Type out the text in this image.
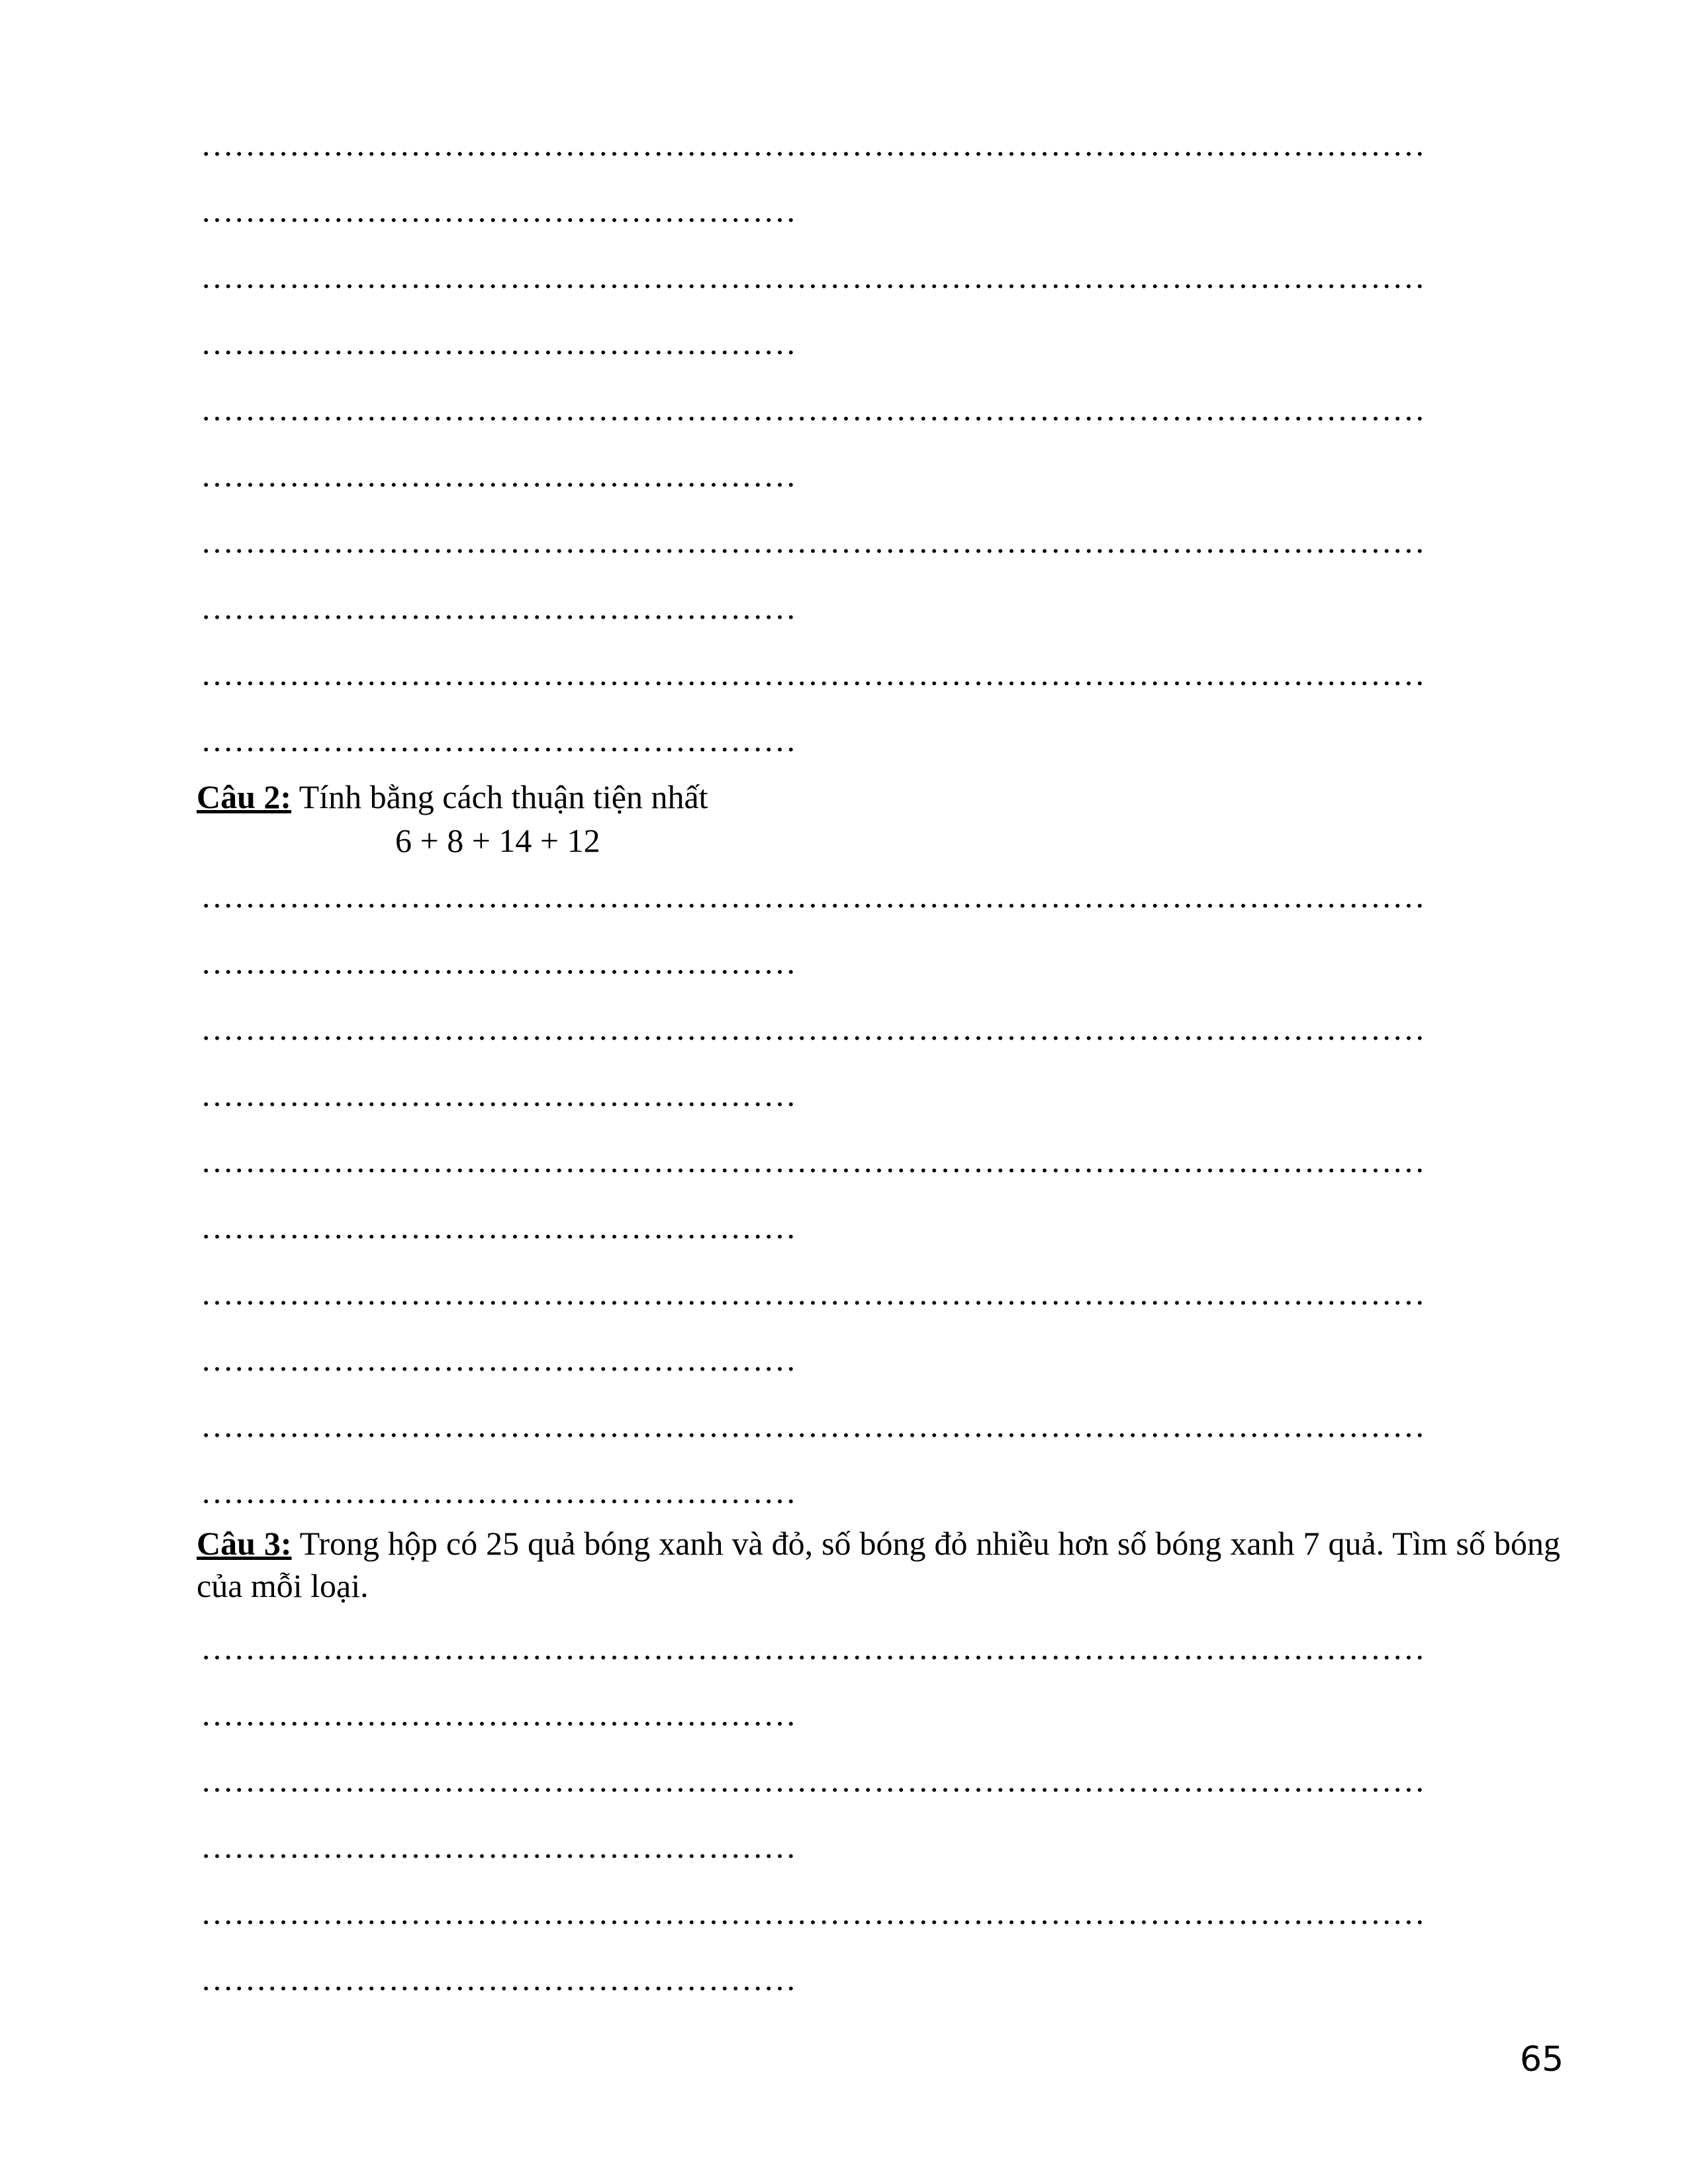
…………………………………………………………………………………………………
………………………………………………
…………………………………………………………………………………………………
………………………………………………
…………………………………………………………………………………………………
………………………………………………
…………………………………………………………………………………………………
………………………………………………
…………………………………………………………………………………………………
………………………………………………
Câu 2: Tính bằng cách thuận tiện nhất
6 + 8 + 14 + 12
…………………………………………………………………………………………………
………………………………………………
…………………………………………………………………………………………………
………………………………………………
…………………………………………………………………………………………………
………………………………………………
…………………………………………………………………………………………………
………………………………………………
…………………………………………………………………………………………………
………………………………………………
Câu 3: Trong hộp có 25 quả bóng xanh và đỏ, số bóng đỏ nhiều hơn số bóng xanh 7 quả. Tìm số bóng của mỗi loại.
…………………………………………………………………………………………………
………………………………………………
…………………………………………………………………………………………………
………………………………………………
…………………………………………………………………………………………………
………………………………………………
65
